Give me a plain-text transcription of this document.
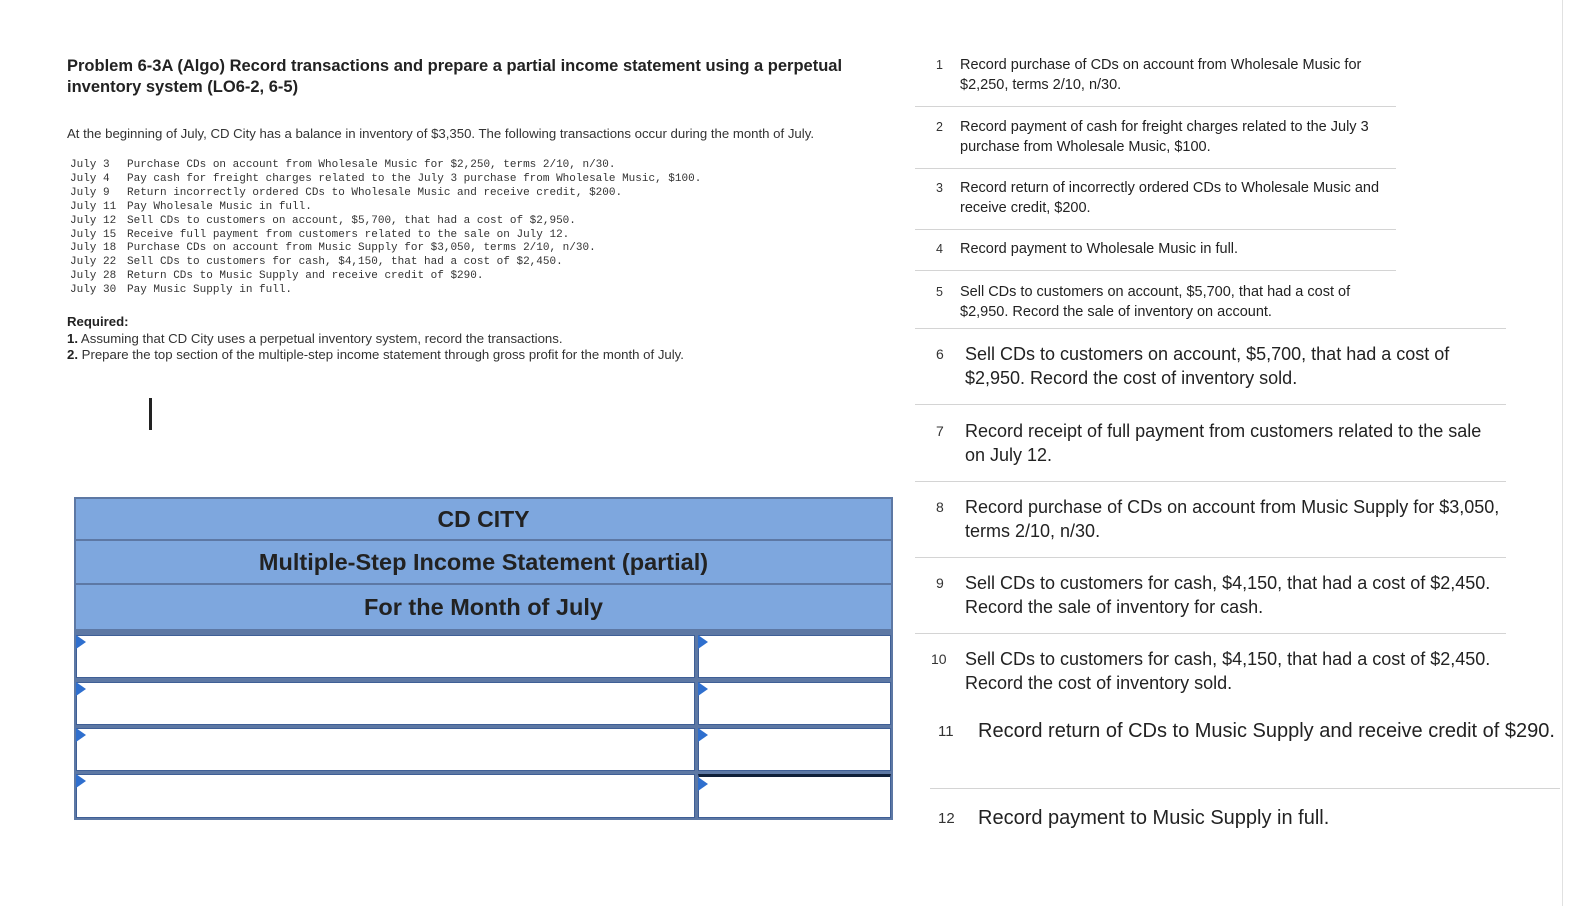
Problem 6-3A (Algo) Record transactions and prepare a partial income statement using a perpetual inventory system (LO6-2, 6-5)
At the beginning of July, CD City has a balance in inventory of $3,350. The following transactions occur during the month of July.
July 3	Purchase CDs on account from Wholesale Music for $2,250, terms 2/10, n/30.
July 4	Pay cash for freight charges related to the July 3 purchase from Wholesale Music, $100.
July 9	Return incorrectly ordered CDs to Wholesale Music and receive credit, $200.
July 11 Pay Wholesale Music in full.
July 12 Sell CDs to customers on account, $5,700, that had a cost of $2,950.
July 15 Receive full payment from customers related to the sale on July 12.
July 18 Purchase CDs on account from Music Supply for $3,050, terms 2/10, n/30.
July 22 Sell CDs to customers for cash, $4,150, that had a cost of $2,450.
July 28 Return CDs to Music Supply and receive credit of $290.
July 30 Pay Music Supply in full.
Required:
1. Assuming that CD City uses a perpetual inventory system, record the transactions.
2. Prepare the top section of the multiple-step income statement through gross profit for the month of July.
CD CITY
Multiple-Step Income Statement (partial)
For the Month of July
1 Record purchase of CDs on account from Wholesale Music for $2,250, terms 2/10, n/30.
2 Record payment of cash for freight charges related to the July 3 purchase from Wholesale Music, $100.
3 Record return of incorrectly ordered CDs to Wholesale Music and receive credit, $200.
4 Record payment to Wholesale Music in full.
5 Sell CDs to customers on account, $5,700, that had a cost of $2,950. Record the sale of inventory on account.
6 Sell CDs to customers on account, $5,700, that had a cost of $2,950. Record the cost of inventory sold.
7 Record receipt of full payment from customers related to the sale on July 12.
8 Record purchase of CDs on account from Music Supply for $3,050, terms 2/10, n/30.
9 Sell CDs to customers for cash, $4,150, that had a cost of $2,450. Record the sale of inventory for cash.
10 Sell CDs to customers for cash, $4,150, that had a cost of $2,450. Record the cost of inventory sold.
11 Record return of CDs to Music Supply and receive credit of $290.
12 Record payment to Music Supply in full.
